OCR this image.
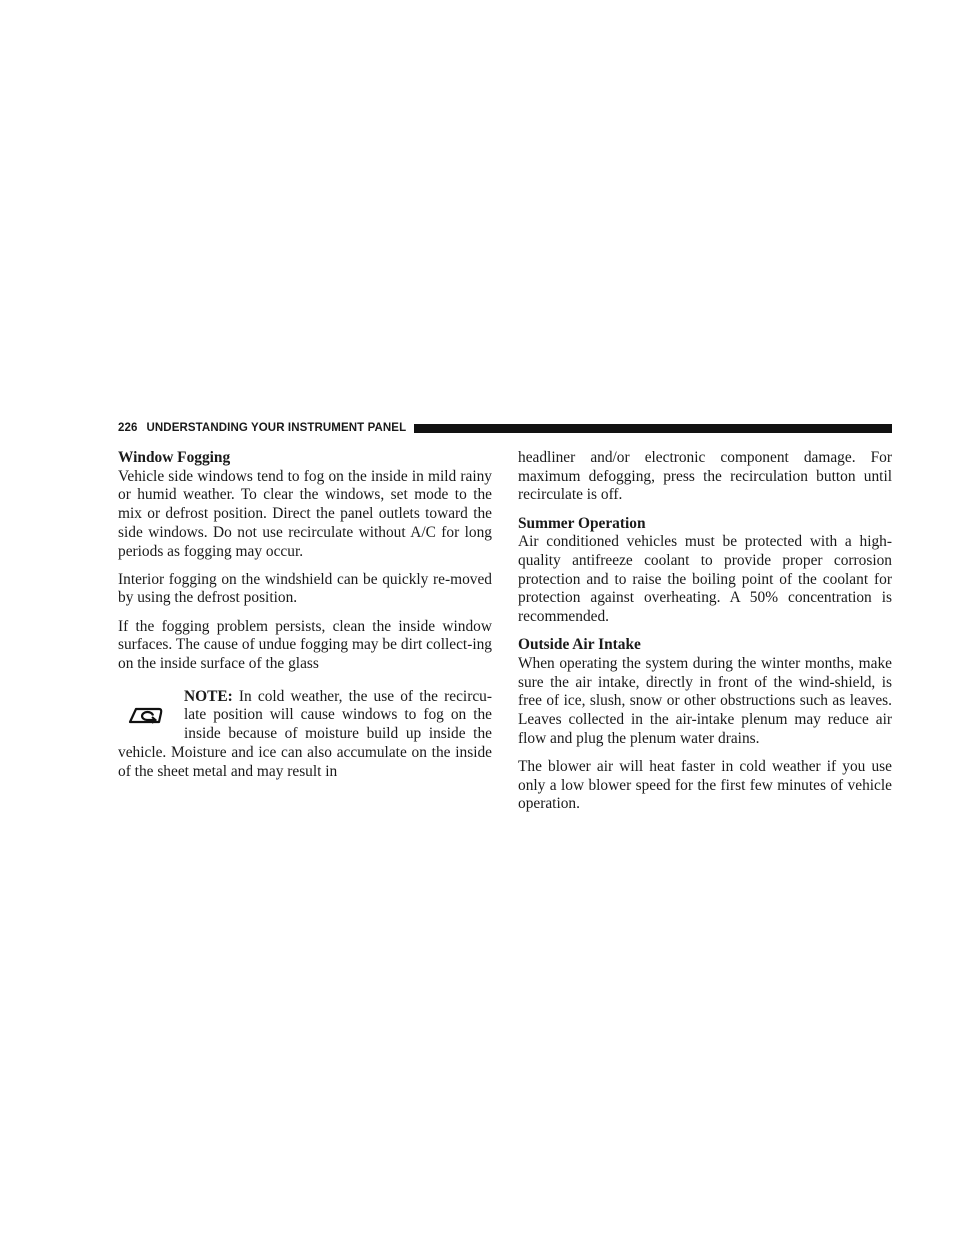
226 UNDERSTANDING YOUR INSTRUMENT PANEL
Window Fogging

Vehicle side windows tend to fog on the inside in mild rainy or humid weather. To clear the windows, set mode to the mix or defrost position. Direct the panel outlets toward the side windows. Do not use recirculate without A/C for long periods as fogging may occur.

Interior fogging on the windshield can be quickly re-moved by using the defrost position.

If the fogging problem persists, clean the inside window surfaces. The cause of undue fogging may be dirt collect-ing on the inside surface of the glass

NOTE: In cold weather, the use of the recircu-late position will cause windows to fog on the inside because of moisture build up inside the vehicle. Moisture and ice can also accumulate on the inside of the sheet metal and may result in

headliner and/or electronic component damage. For maximum defogging, press the recirculation button until recirculate is off.

Summer Operation

Air conditioned vehicles must be protected with a high-quality antifreeze coolant to provide proper corrosion protection and to raise the boiling point of the coolant for protection against overheating. A 50% concentration is recommended.

Outside Air Intake

When operating the system during the winter months, make sure the air intake, directly in front of the wind-shield, is free of ice, slush, snow or other obstructions such as leaves. Leaves collected in the air-intake plenum may reduce air flow and plug the plenum water drains.

The blower air will heat faster in cold weather if you use only a low blower speed for the first few minutes of vehicle operation.
